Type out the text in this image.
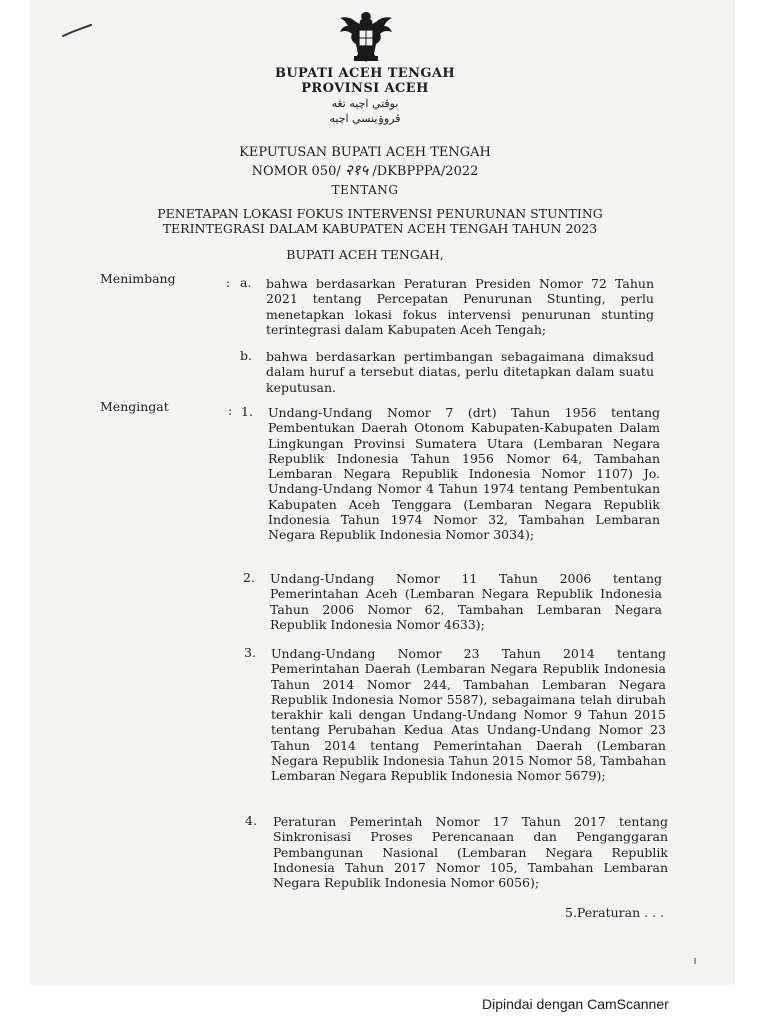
BUPATI ACEH TENGAH
PROVINSI ACEH
بوڤتي اچيه تڠه
ڤروۏينسي اچيه
KEPUTUSAN BUPATI ACEH TENGAH
NOMOR 050/ २१५ /DKBPPPA/2022
TENTANG
PENETAPAN LOKASI FOKUS INTERVENSI PENURUNAN STUNTING
TERINTEGRASI DALAM KABUPATEN ACEH TENGAH TAHUN 2023
BUPATI ACEH TENGAH,
Menimbang	: a. bahwa berdasarkan Peraturan Presiden Nomor 72 Tahun 2021 tentang Percepatan Penurunan Stunting, perlu menetapkan lokasi fokus intervensi penurunan stunting terintegrasi dalam Kabupaten Aceh Tengah;

b. bahwa berdasarkan pertimbangan sebagaimana dimaksud dalam huruf a tersebut diatas, perlu ditetapkan dalam suatu keputusan.

Mengingat	: 1. Undang-Undang Nomor 7 (drt) Tahun 1956 tentang Pembentukan Daerah Otonom Kabupaten-Kabupaten Dalam Lingkungan Provinsi Sumatera Utara (Lembaran Negara Republik Indonesia Tahun 1956 Nomor 64, Tambahan Lembaran Negara Republik Indonesia Nomor 1107) Jo. Undang-Undang Nomor 4 Tahun 1974 tentang Pembentukan Kabupaten Aceh Tenggara (Lembaran Negara Republik Indonesia Tahun 1974 Nomor 32, Tambahan Lembaran Negara Republik Indonesia Nomor 3034);

2. Undang-Undang Nomor 11 Tahun 2006 tentang Pemerintahan Aceh (Lembaran Negara Republik Indonesia Tahun 2006 Nomor 62, Tambahan Lembaran Negara Republik Indonesia Nomor 4633);

3. Undang-Undang Nomor 23 Tahun 2014 tentang Pemerintahan Daerah (Lembaran Negara Republik Indonesia Tahun 2014 Nomor 244, Tambahan Lembaran Negara Republik Indonesia Nomor 5587), sebagaimana telah dirubah terakhir kali dengan Undang-Undang Nomor 9 Tahun 2015 tentang Perubahan Kedua Atas Undang-Undang Nomor 23 Tahun 2014 tentang Pemerintahan Daerah (Lembaran Negara Republik Indonesia Tahun 2015 Nomor 58, Tambahan Lembaran Negara Republik Indonesia Nomor 5679);

4. Peraturan Pemerintah Nomor 17 Tahun 2017 tentang Sinkronisasi Proses Perencanaan dan Penganggaran Pembangunan Nasional (Lembaran Negara Republik Indonesia Tahun 2017 Nomor 105, Tambahan Lembaran Negara Republik Indonesia Nomor 6056);

5.Peraturan . . .
Dipindai dengan CamScanner
